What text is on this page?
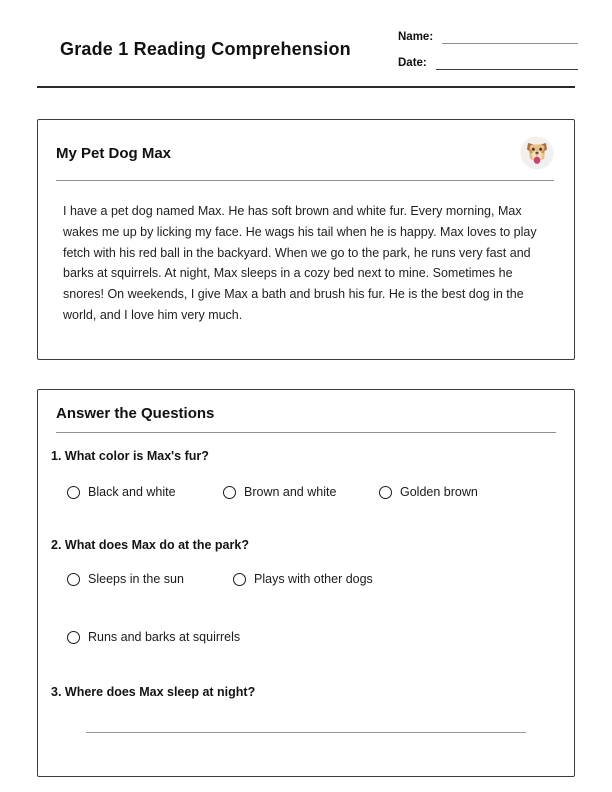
Grade 1 Reading Comprehension
Name:
Date:
My Pet Dog Max

I have a pet dog named Max. He has soft brown and white fur. Every morning, Max wakes me up by licking my face. He wags his tail when he is happy. Max loves to play fetch with his red ball in the backyard. When we go to the park, he runs very fast and barks at squirrels. At night, Max sleeps in a cozy bed next to mine. Sometimes he snores! On weekends, I give Max a bath and brush his fur. He is the best dog in the world, and I love him very much.

Answer the Questions
1. What color is Max's fur?
Black and white	Brown and white	Golden brown
2. What does Max do at the park?
Sleeps in the sun	Plays with other dogs
Runs and barks at squirrels
3. Where does Max sleep at night?
